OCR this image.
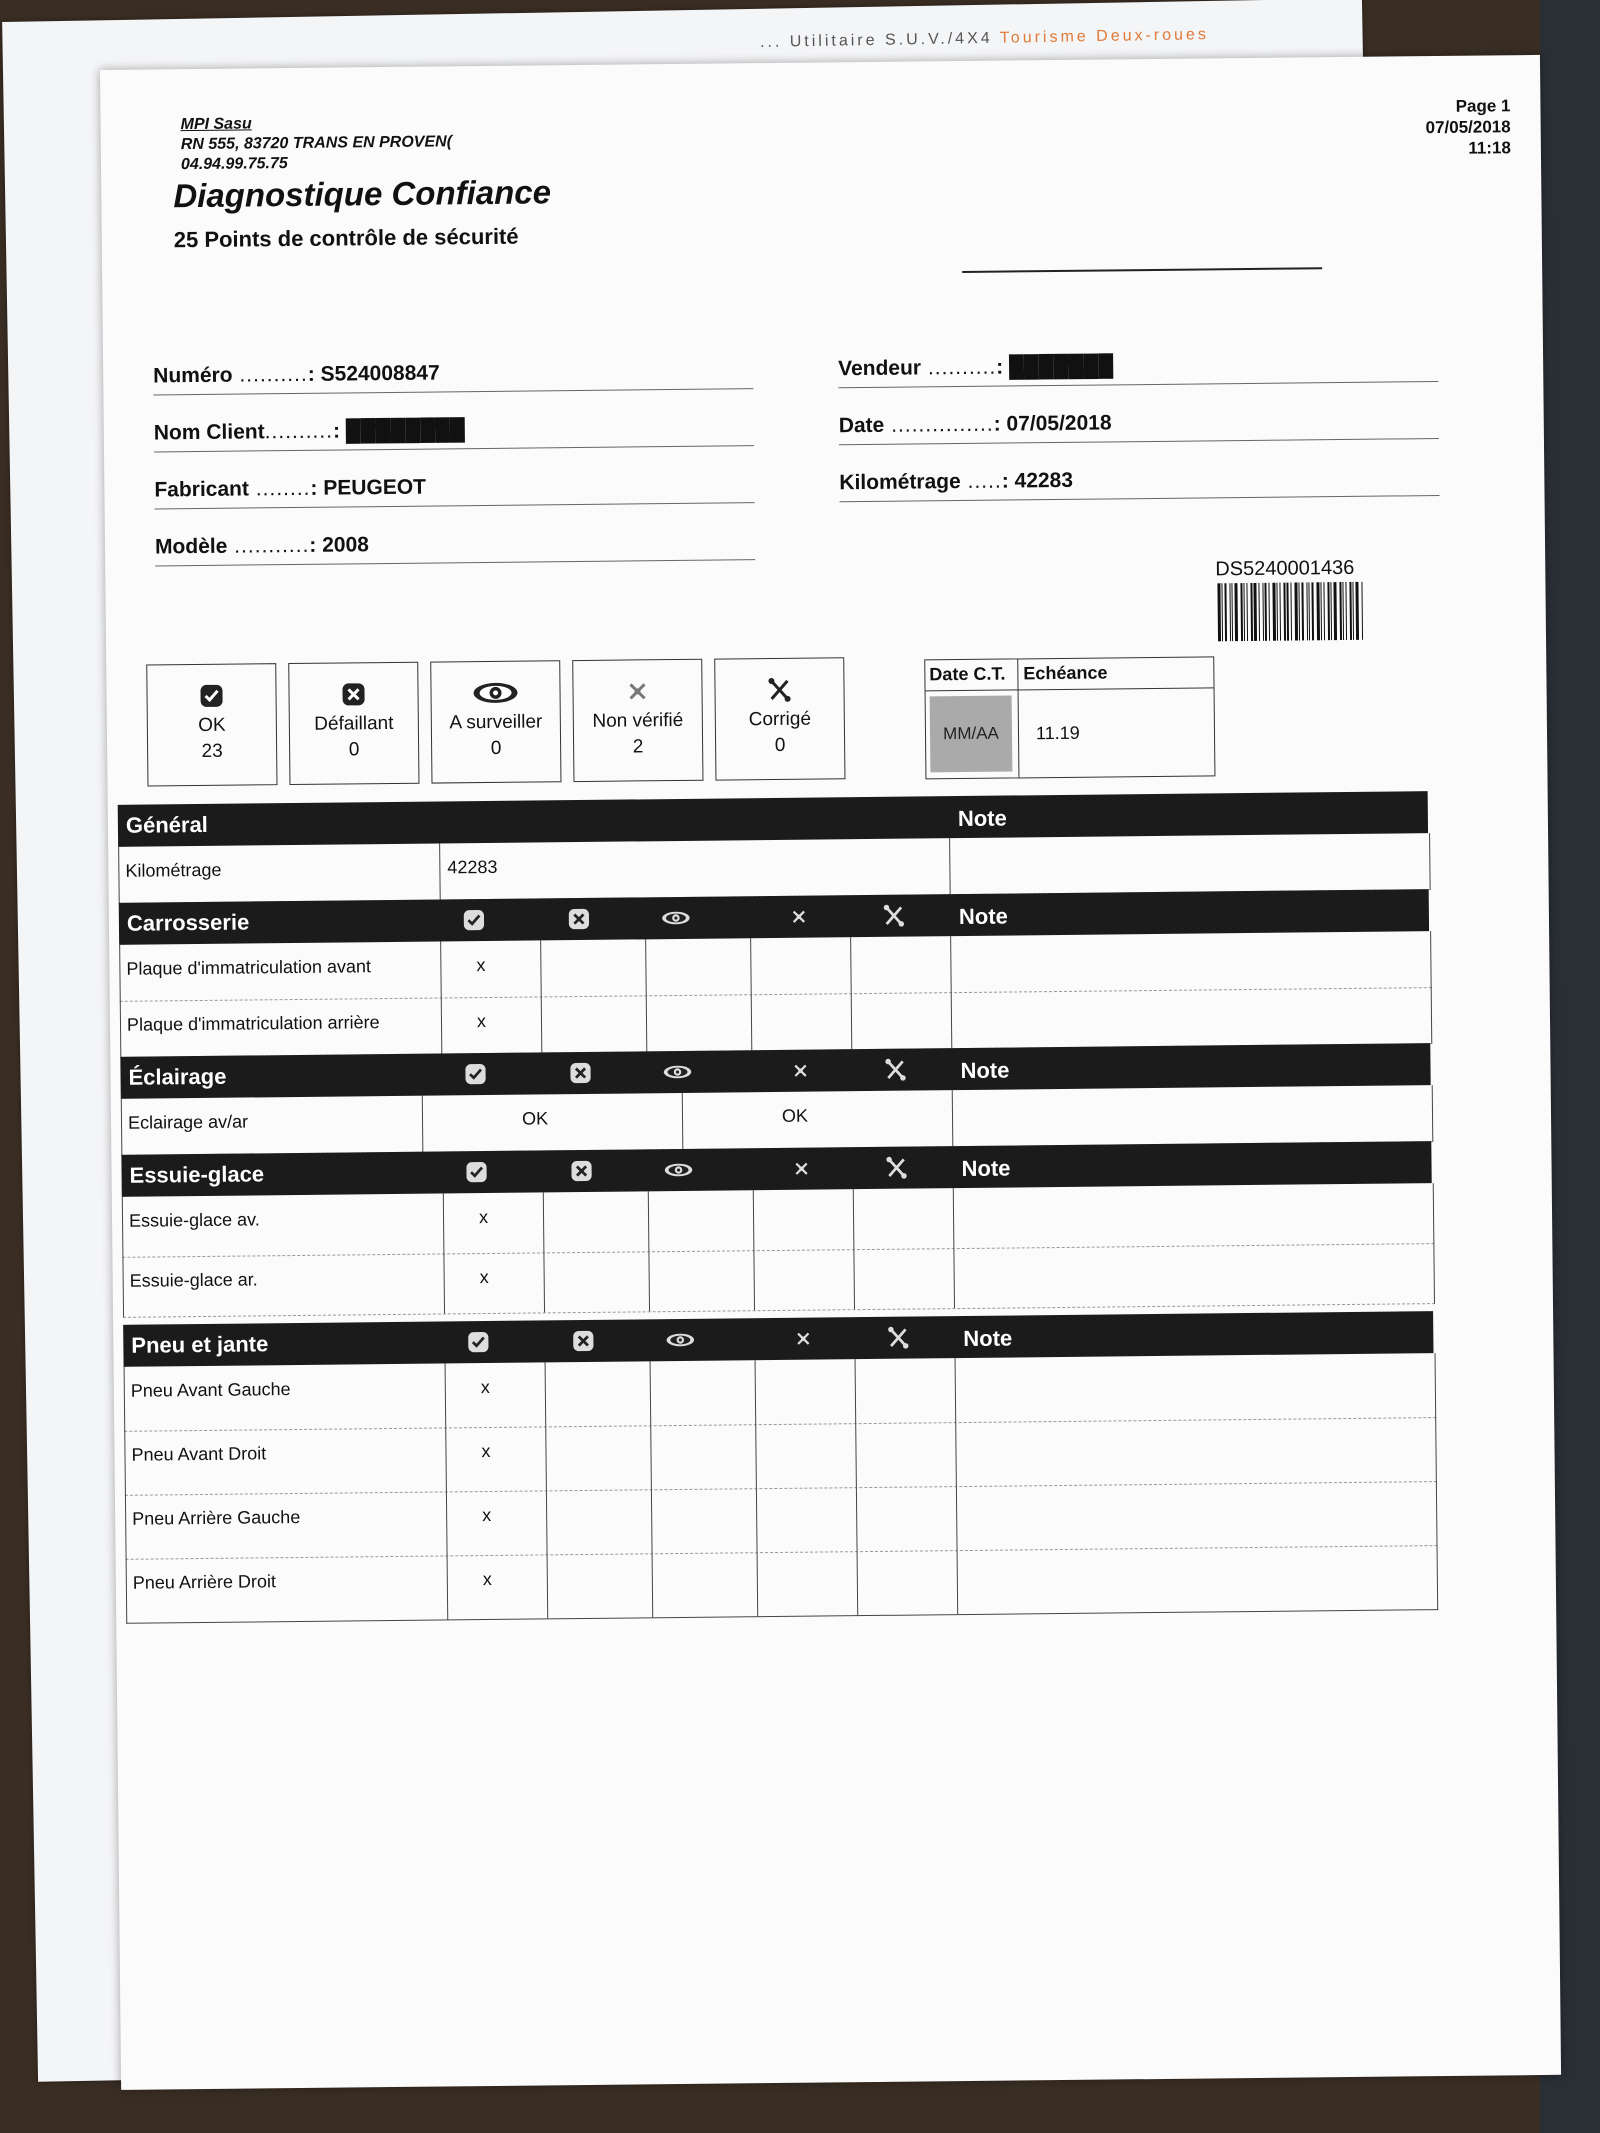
... Utilitaire S.U.V./4X4 Tourisme Deux-roues
MPI Sasu
RN 555, 83720 TRANS EN PROVEN(
04.94.99.75.75
Page 1
07/05/2018
11:18
Diagnostique Confiance
25 Points de contrôle de sécurité
Numéro ..........: S524008847	Vendeur ..........: ███████
Nom Client..........: ████████	Date ...............: 07/05/2018
Fabricant ........: PEUGEOT	Kilométrage .....: 42283
Modèle ...........: 2008
DS5240001436
OK
23
Défaillant
0
A surveiller
0
Non vérifié
2
Corrigé
0
Date C.T. Echéance
MM/AA	11.19
Général	Note
Kilométrage	42283
Carrosserie	Note
Plaque d'immatriculation avant	x
Plaque d'immatriculation arrière	x
Éclairage	Note
Eclairage av/ar	OK	OK
Essuie-glace	Note
Essuie-glace av.	x
Essuie-glace ar.	x
Pneu et jante	Note
Pneu Avant Gauche	x
Pneu Avant Droit	x
Pneu Arrière Gauche	x
Pneu Arrière Droit	x
